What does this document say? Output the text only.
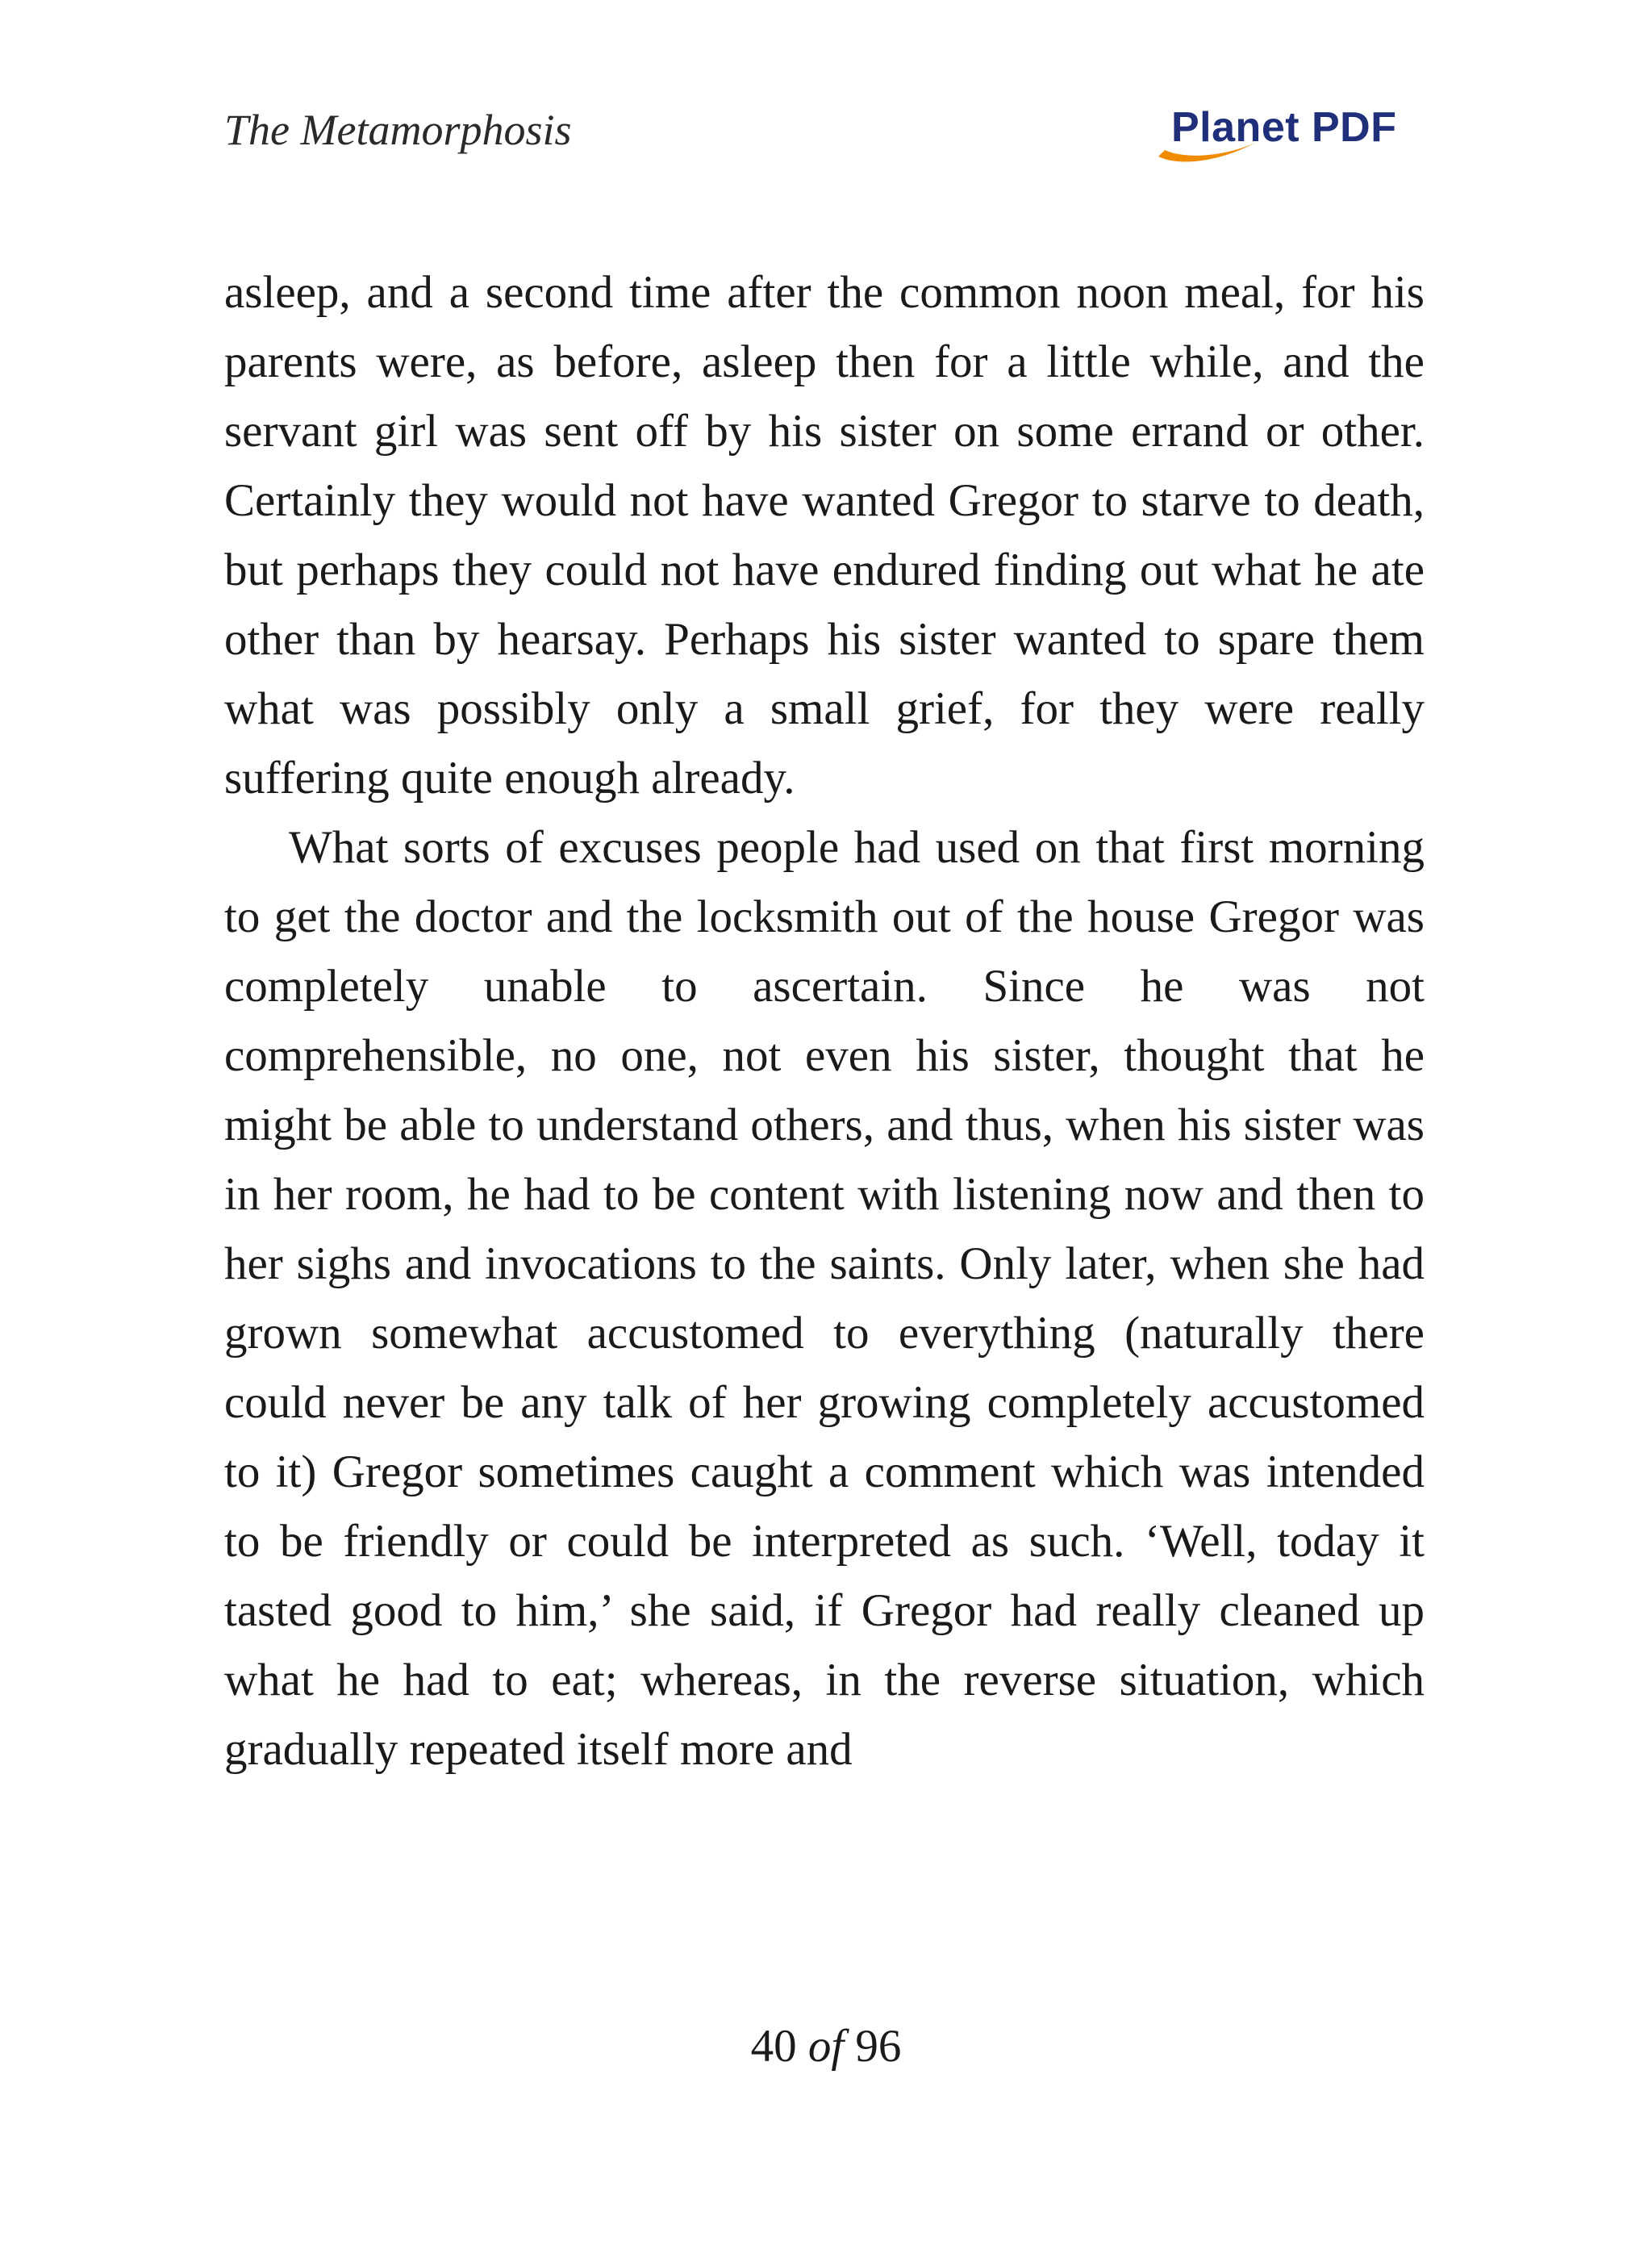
The Metamorphosis	Planet PDF

asleep, and a second time after the common noon meal, for his parents were, as before, asleep then for a little while, and the servant girl was sent off by his sister on some errand or other. Certainly they would not have wanted Gregor to starve to death, but perhaps they could not have endured finding out what he ate other than by hearsay. Perhaps his sister wanted to spare them what was possibly only a small grief, for they were really suffering quite enough already.

What sorts of excuses people had used on that first morning to get the doctor and the locksmith out of the house Gregor was completely unable to ascertain. Since he was not comprehensible, no one, not even his sister, thought that he might be able to understand others, and thus, when his sister was in her room, he had to be content with listening now and then to her sighs and invocations to the saints. Only later, when she had grown somewhat accustomed to everything (naturally there could never be any talk of her growing completely accustomed to it) Gregor sometimes caught a comment which was intended to be friendly or could be interpreted as such. ‘Well, today it tasted good to him,’ she said, if Gregor had really cleaned up what he had to eat; whereas, in the reverse situation, which gradually repeated itself more and

40 of 96
